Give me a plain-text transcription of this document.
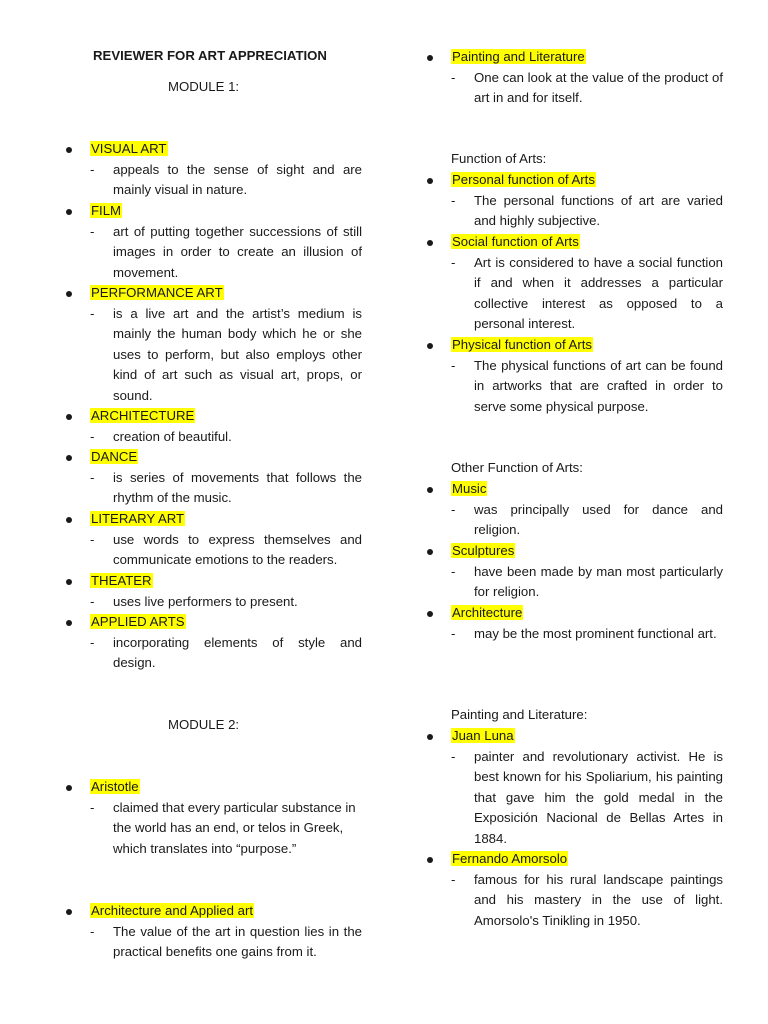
REVIEWER FOR ART APPRECIATION
MODULE 1:
VISUAL ART
- appeals to the sense of sight and are mainly visual in nature.
FILM
- art of putting together successions of still images in order to create an illusion of movement.
PERFORMANCE ART
- is a live art and the artist’s medium is mainly the human body which he or she uses to perform, but also employs other kind of art such as visual art, props, or sound.
ARCHITECTURE
- creation of beautiful.
DANCE
- is series of movements that follows the rhythm of the music.
LITERARY ART
- use words to express themselves and communicate emotions to the readers.
THEATER
- uses live performers to present.
APPLIED ARTS
- incorporating elements of style and design.
MODULE 2:
Aristotle
- claimed that every particular substance in the world has an end, or telos in Greek, which translates into “purpose.”
Architecture and Applied art
- The value of the art in question lies in the practical benefits one gains from it.
Painting and Literature
- One can look at the value of the product of art in and for itself.
Function of Arts:
Personal function of Arts
- The personal functions of art are varied and highly subjective.
Social function of Arts
- Art is considered to have a social function if and when it addresses a particular collective interest as opposed to a personal interest.
Physical function of Arts
- The physical functions of art can be found in artworks that are crafted in order to serve some physical purpose.
Other Function of Arts:
Music
- was principally used for dance and religion.
Sculptures
- have been made by man most particularly for religion.
Architecture
- may be the most prominent functional art.
Painting and Literature:
Juan Luna
- painter and revolutionary activist. He is best known for his Spoliarium, his painting that gave him the gold medal in the Exposición Nacional de Bellas Artes in 1884.
Fernando Amorsolo
- famous for his rural landscape paintings and his mastery in the use of light. Amorsolo's Tinikling in 1950.
